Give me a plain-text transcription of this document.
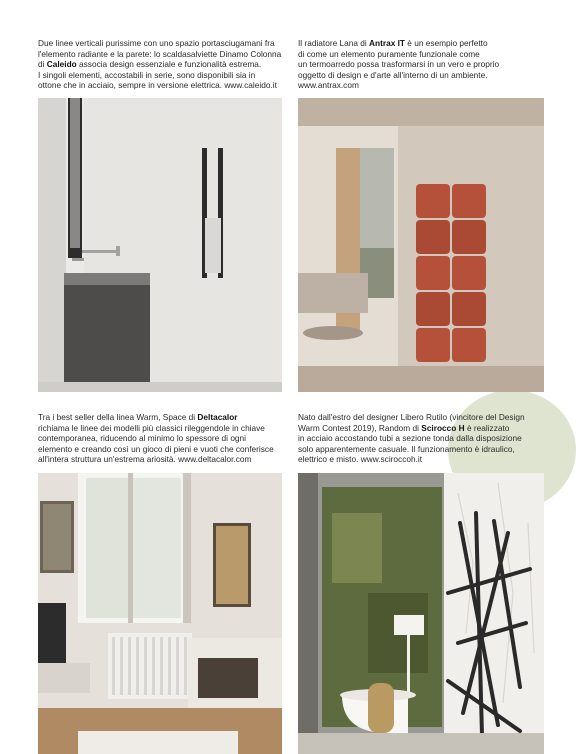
Due linee verticali purissime con uno spazio portasciugamani fra
l'elemento radiante e la parete: lo scaldasalviette Dinamo Colonna
di Caleido associa design essenziale e funzionalità estrema.
I singoli elementi, accostabili in serie, sono disponibili sia in
ottone che in acciaio, sempre in versione elettrica. www.caleido.it
Il radiatore Lana di Antrax IT è un esempio perfetto
di come un elemento puramente funzionale come
un termoarredo possa trasformarsi in un vero e proprio
oggetto di design e d'arte all'interno di un ambiente.
www.antrax.com
Tra i best seller della linea Warm, Space di Deltacalor
richiama le linee dei modelli più classici rileggendole in chiave
contemporanea, riducendo al minimo lo spessore di ogni
elemento e creando così un gioco di pieni e vuoti che conferisce
all'intera struttura un'estrema ariosità. www.deltacalor.com
Nato dall'estro del designer Libero Rutilo (vincitore del Design
Warm Contest 2019), Random di Scirocco H è realizzato
in acciaio accostando tubi a sezione tonda dalla disposizione
solo apparentemente casuale. Il funzionamento è idraulico,
elettrico e misto. www.sciroccoh.it
